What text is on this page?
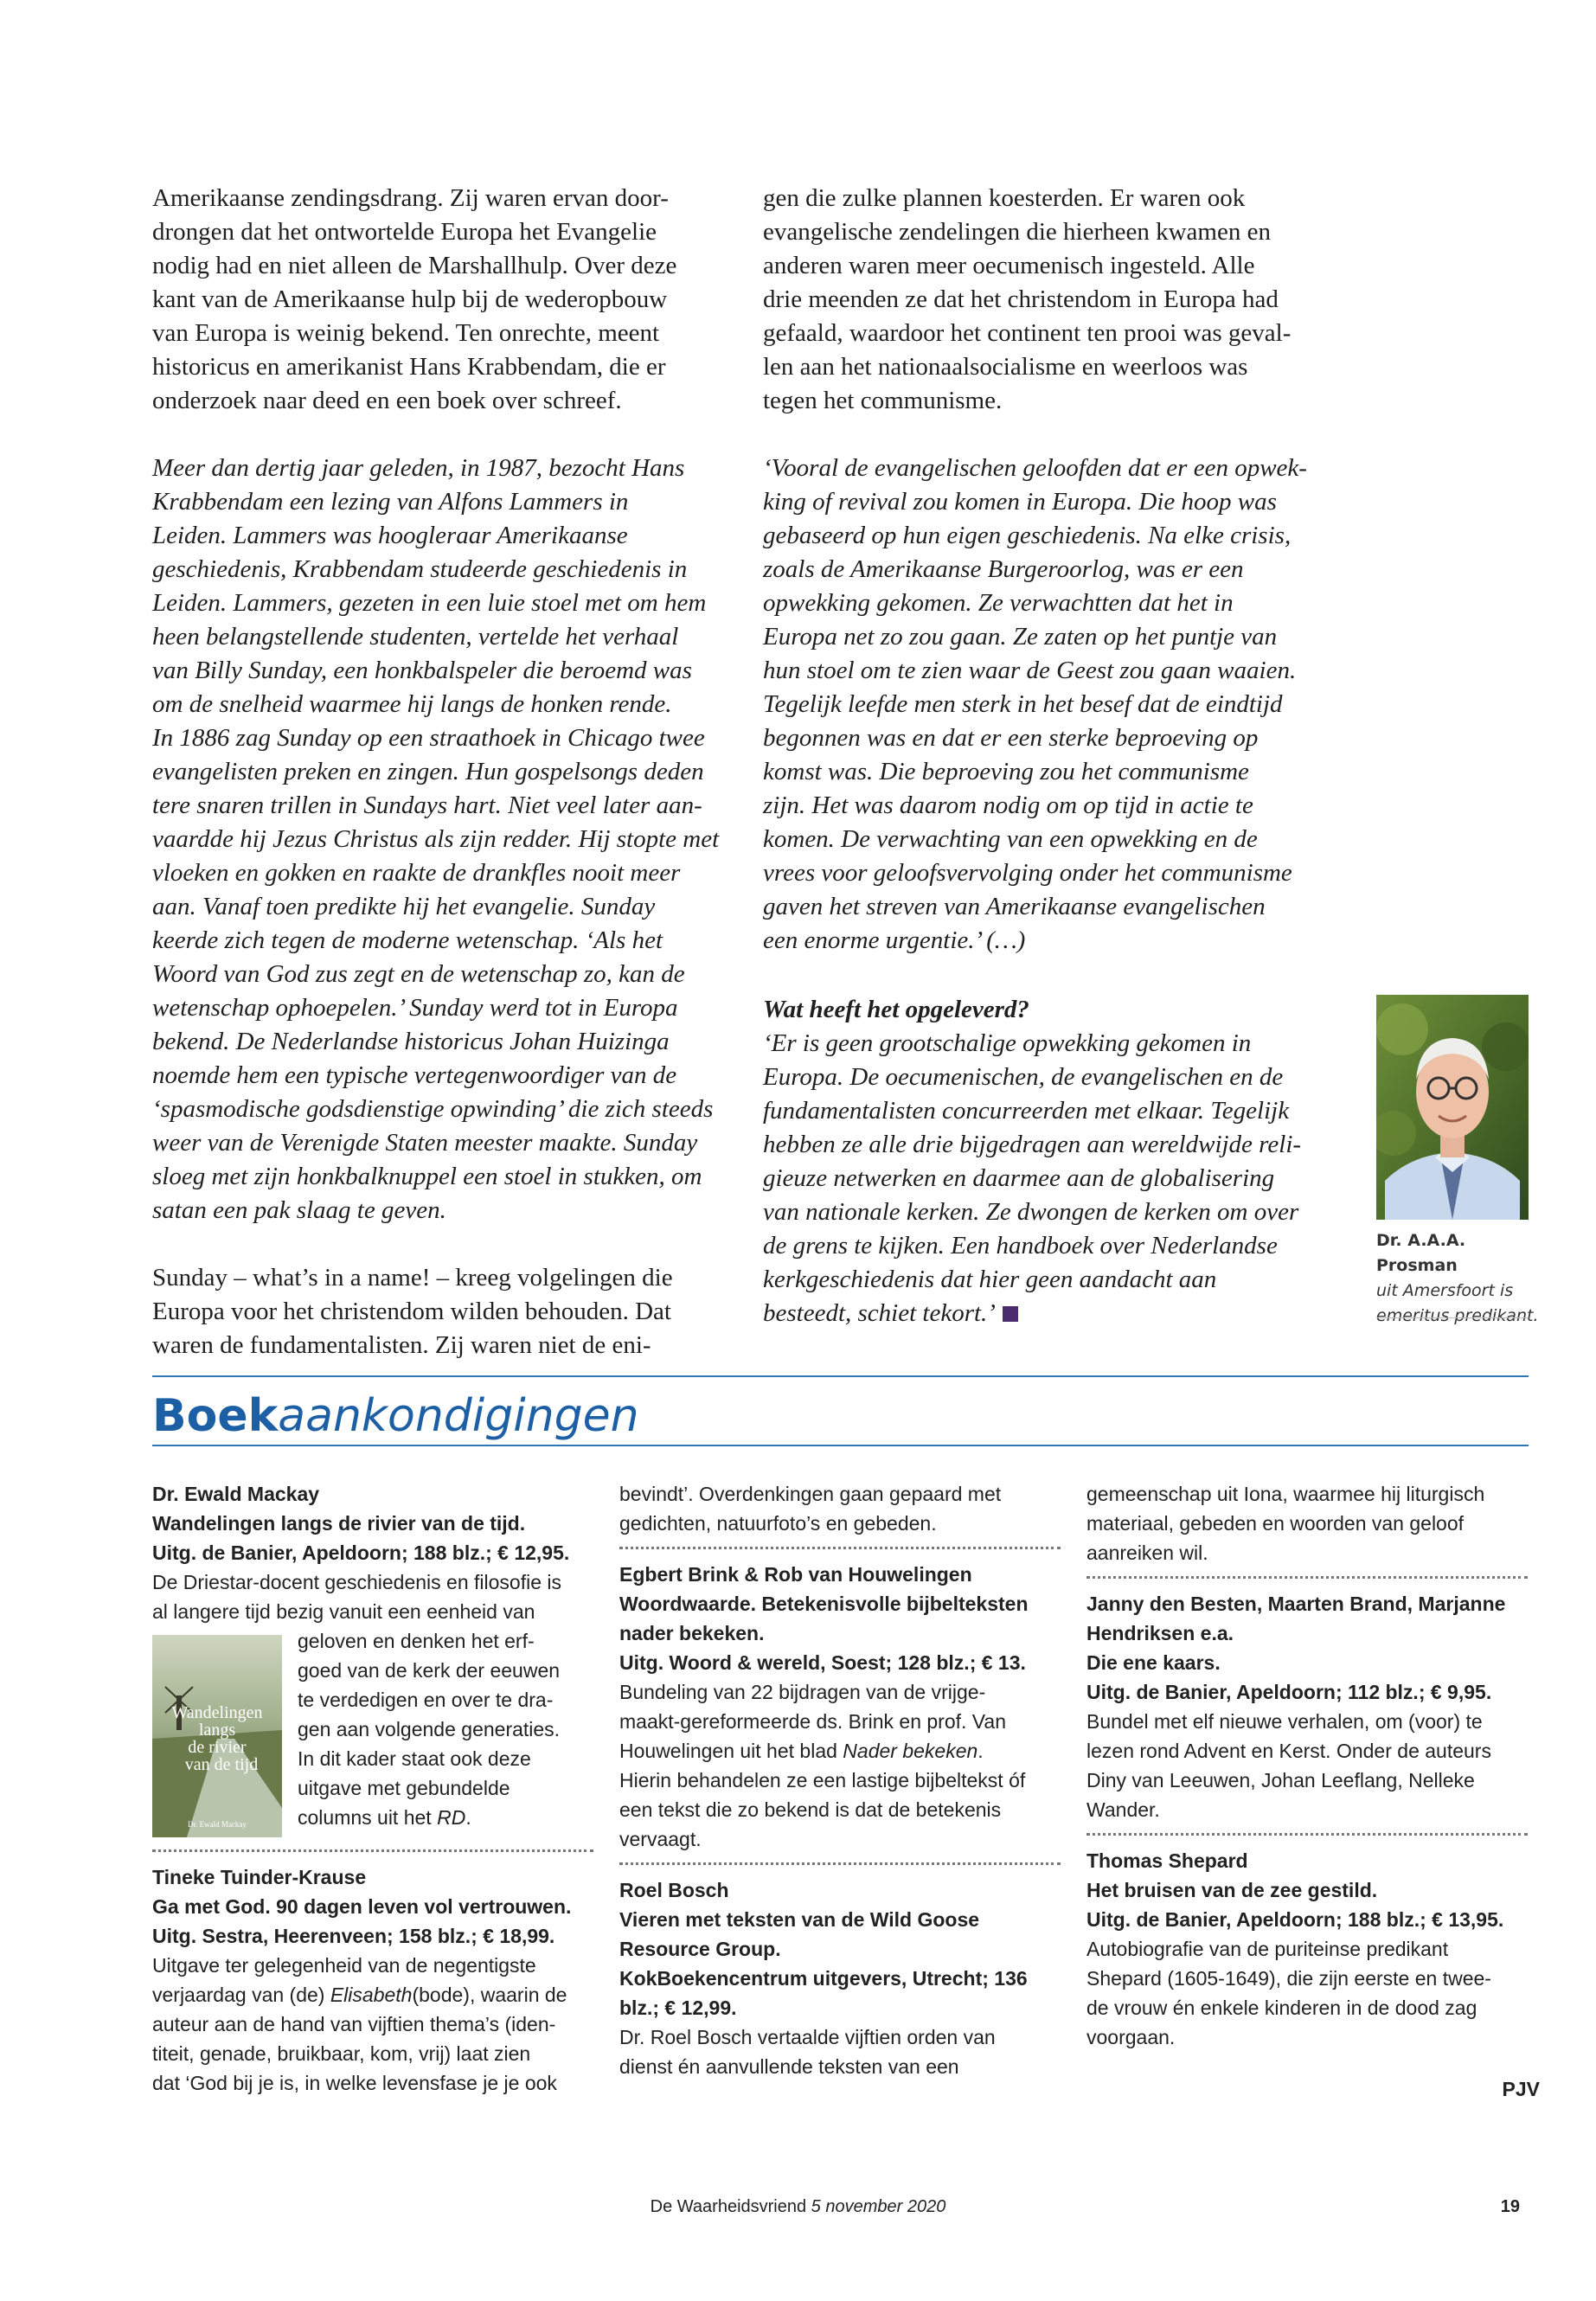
Amerikaanse zendingsdrang. Zij waren ervan door-
drongen dat het ontwortelde Europa het Evangelie
nodig had en niet alleen de Marshallhulp. Over deze
kant van de Amerikaanse hulp bij de wederopbouw
van Europa is weinig bekend. Ten onrechte, meent
historicus en amerikanist Hans Krabbendam, die er
onderzoek naar deed en een boek over schreef.

Meer dan dertig jaar geleden, in 1987, bezocht Hans
Krabbendam een lezing van Alfons Lammers in
Leiden. Lammers was hoogleraar Amerikaanse
geschiedenis, Krabbendam studeerde geschiedenis in
Leiden. Lammers, gezeten in een luie stoel met om hem
heen belangstellende studenten, vertelde het verhaal
van Billy Sunday, een honkbalspeler die beroemd was
om de snelheid waarmee hij langs de honken rende.
In 1886 zag Sunday op een straathoek in Chicago twee
evangelisten preken en zingen. Hun gospelsongs deden
tere snaren trillen in Sundays hart. Niet veel later aan-
vaardde hij Jezus Christus als zijn redder. Hij stopte met
vloeken en gokken en raakte de drankfles nooit meer
aan. Vanaf toen predikte hij het evangelie. Sunday
keerde zich tegen de moderne wetenschap. ‘Als het
Woord van God zus zegt en de wetenschap zo, kan de
wetenschap ophoepelen.’ Sunday werd tot in Europa
bekend. De Nederlandse historicus Johan Huizinga
noemde hem een typische vertegenwoordiger van de
‘spasmodische godsdienstige opwinding’ die zich steeds
weer van de Verenigde Staten meester maakte. Sunday
sloeg met zijn honkbalknuppel een stoel in stukken, om
satan een pak slaag te geven.

Sunday – what’s in a name! – kreeg volgelingen die
Europa voor het christendom wilden behouden. Dat
waren de fundamentalisten. Zij waren niet de eni-

gen die zulke plannen koesterden. Er waren ook
evangelische zendelingen die hierheen kwamen en
anderen waren meer oecumenisch ingesteld. Alle
drie meenden ze dat het christendom in Europa had
gefaald, waardoor het continent ten prooi was geval-
len aan het nationaalsocialisme en weerloos was
tegen het communisme.

‘Vooral de evangelischen geloofden dat er een opwek-
king of revival zou komen in Europa. Die hoop was
gebaseerd op hun eigen geschiedenis. Na elke crisis,
zoals de Amerikaanse Burgeroorlog, was er een
opwekking gekomen. Ze verwachtten dat het in
Europa net zo zou gaan. Ze zaten op het puntje van
hun stoel om te zien waar de Geest zou gaan waaien.
Tegelijk leefde men sterk in het besef dat de eindtijd
begonnen was en dat er een sterke beproeving op
komst was. Die beproeving zou het communisme
zijn. Het was daarom nodig om op tijd in actie te
komen. De verwachting van een opwekking en de
vrees voor geloofsvervolging onder het communisme
gaven het streven van Amerikaanse evangelischen
een enorme urgentie.’ (…)

Wat heeft het opgeleverd?

‘Er is geen grootschalige opwekking gekomen in
Europa. De oecumenischen, de evangelischen en de
fundamentalisten concurreerden met elkaar. Tegelijk
hebben ze alle drie bijgedragen aan wereldwijde reli-
gieuze netwerken en daarmee aan de globalisering
van nationale kerken. Ze dwongen de kerken om over
de grens te kijken. Een handboek over Nederlandse
kerkgeschiedenis dat hier geen aandacht aan
besteedt, schiet tekort.’

Dr. A.A.A. Prosman
uit Amersfoort is
emeritus predikant.
Boekaankondigingen

Dr. Ewald Mackay

Wandelingen langs de rivier van de tijd.

Uitg. de Banier, Apeldoorn; 188 blz.; € 12,95.

De Driestar-docent geschiedenis en filosofie is
al langere tijd bezig vanuit een eenheid van

Wandelingen
langs
de rivier
van de tijd
Dr. Ewald Mackay

geloven en denken het erf-
goed van de kerk der eeuwen
te verdedigen en over te dra-
gen aan volgende generaties.
In dit kader staat ook deze
uitgave met gebundelde
columns uit het RD.

Tineke Tuinder-Krause

Ga met God. 90 dagen leven vol vertrouwen.

Uitg. Sestra, Heerenveen; 158 blz.; € 18,99.

Uitgave ter gelegenheid van de negentigste
verjaardag van (de) Elisabeth(bode), waarin de
auteur aan de hand van vijftien thema’s (iden-
titeit, genade, bruikbaar, kom, vrij) laat zien
dat ‘God bij je is, in welke levensfase je je ook

bevindt’. Overdenkingen gaan gepaard met
gedichten, natuurfoto’s en gebeden.

Egbert Brink & Rob van Houwelingen

Woordwaarde. Betekenisvolle bijbelteksten
nader bekeken.

Uitg. Woord & wereld, Soest; 128 blz.; € 13.

Bundeling van 22 bijdragen van de vrijge-
maakt-gereformeerde ds. Brink en prof. Van
Houwelingen uit het blad Nader bekeken.
Hierin behandelen ze een lastige bijbeltekst óf
een tekst die zo bekend is dat de betekenis
vervaagt.

Roel Bosch

Vieren met teksten van de Wild Goose
Resource Group.

KokBoekencentrum uitgevers, Utrecht; 136
blz.; € 12,99.

Dr. Roel Bosch vertaalde vijftien orden van
dienst én aanvullende teksten van een

gemeenschap uit Iona, waarmee hij liturgisch
materiaal, gebeden en woorden van geloof
aanreiken wil.

Janny den Besten, Maarten Brand, Marjanne
Hendriksen e.a.

Die ene kaars.

Uitg. de Banier, Apeldoorn; 112 blz.; € 9,95.

Bundel met elf nieuwe verhalen, om (voor) te
lezen rond Advent en Kerst. Onder de auteurs
Diny van Leeuwen, Johan Leeflang, Nelleke
Wander.

Thomas Shepard

Het bruisen van de zee gestild.

Uitg. de Banier, Apeldoorn; 188 blz.; € 13,95.

Autobiografie van de puriteinse predikant
Shepard (1605-1649), die zijn eerste en twee-
de vrouw én enkele kinderen in de dood zag
voorgaan.

PJV
De Waarheidsvriend 5 november 2020	19
